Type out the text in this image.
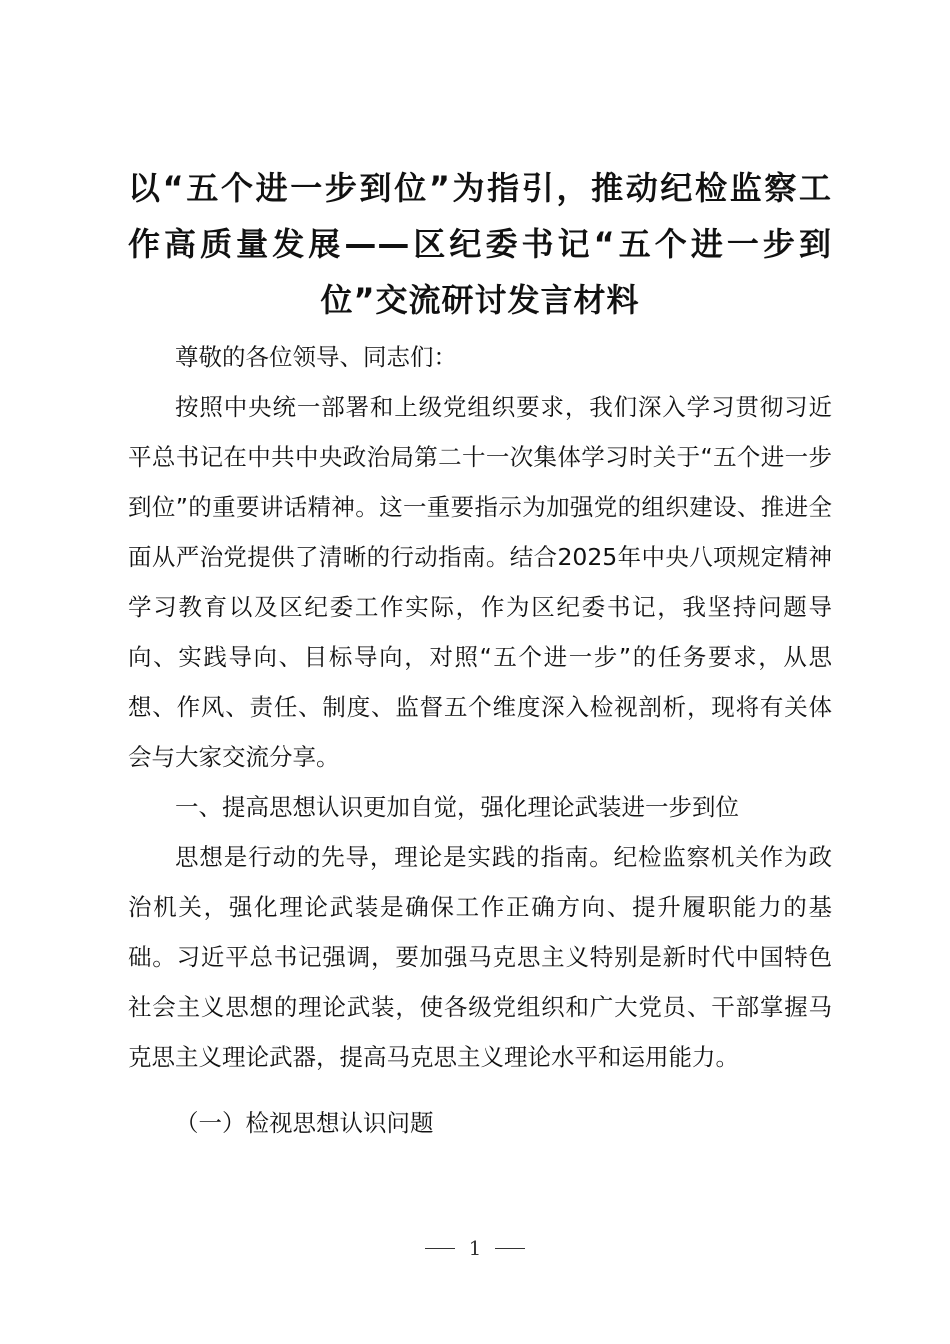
以“五个进一步到位”为指引，推动纪检监察工作高质量发展——区纪委书记“五个进一步到位”交流研讨发言材料

尊敬的各位领导、同志们：

按照中央统一部署和上级党组织要求，我们深入学习贯彻习近平总书记在中共中央政治局第二十一次集体学习时关于“五个进一步到位”的重要讲话精神。这一重要指示为加强党的组织建设、推进全面从严治党提供了清晰的行动指南。结合2025年中央八项规定精神学习教育以及区纪委工作实际，作为区纪委书记，我坚持问题导向、实践导向、目标导向，对照“五个进一步”的任务要求，从思想、作风、责任、制度、监督五个维度深入检视剖析，现将有关体会与大家交流分享。

一、提高思想认识更加自觉，强化理论武装进一步到位

思想是行动的先导，理论是实践的指南。纪检监察机关作为政治机关，强化理论武装是确保工作正确方向、提升履职能力的基础。习近平总书记强调，要加强马克思主义特别是新时代中国特色社会主义思想的理论武装，使各级党组织和广大党员、干部掌握马克思主义理论武器，提高马克思主义理论水平和运用能力。

（一）检视思想认识问题

1
